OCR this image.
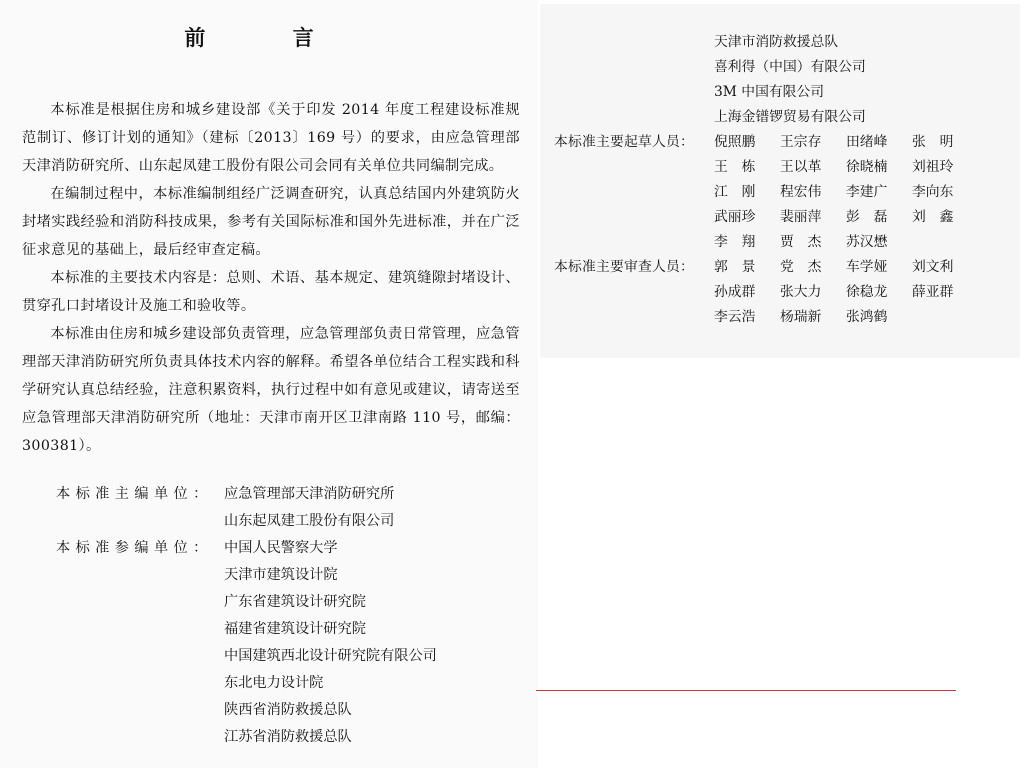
前 言

本标准是根据住房和城乡建设部《关于印发 2014 年度工程建设标准规范制订、修订计划的通知》（建标〔2013〕169 号）的要求，由应急管理部天津消防研究所、山东起凤建工股份有限公司会同有关单位共同编制完成。

在编制过程中，本标准编制组经广泛调查研究，认真总结国内外建筑防火封堵实践经验和消防科技成果，参考有关国际标准和国外先进标准，并在广泛征求意见的基础上，最后经审查定稿。

本标准的主要技术内容是：总则、术语、基本规定、建筑缝隙封堵设计、贯穿孔口封堵设计及施工和验收等。

本标准由住房和城乡建设部负责管理，应急管理部负责日常管理，应急管理部天津消防研究所负责具体技术内容的解释。希望各单位结合工程实践和科学研究认真总结经验，注意积累资料，执行过程中如有意见或建议，请寄送至应急管理部天津消防研究所（地址：天津市南开区卫津南路 110 号，邮编：300381）。

本标准主编单位： 应急管理部天津消防研究所
山东起凤建工股份有限公司
本标准参编单位： 中国人民警察大学
天津市建筑设计院
广东省建筑设计研究院
福建省建筑设计研究院
中国建筑西北设计研究院有限公司
东北电力设计院
陕西省消防救援总队
江苏省消防救援总队
天津市消防救援总队
喜利得（中国）有限公司
3M 中国有限公司
上海金镨锣贸易有限公司
本标准主要起草人员：	倪照鹏	王宗存	田绪峰	张　明
王　栋	王以革	徐晓楠	刘祖玲
江　刚	程宏伟	李建广	李向东
武丽珍	裴丽萍	彭　磊	刘　鑫
李　翔	贾　杰	苏汉懋
本标准主要审查人员：	郭　景	党　杰	车学娅	刘文利
孙成群	张大力	徐稳龙	薛亚群
李云浩	杨瑞新	张鸿鹤
